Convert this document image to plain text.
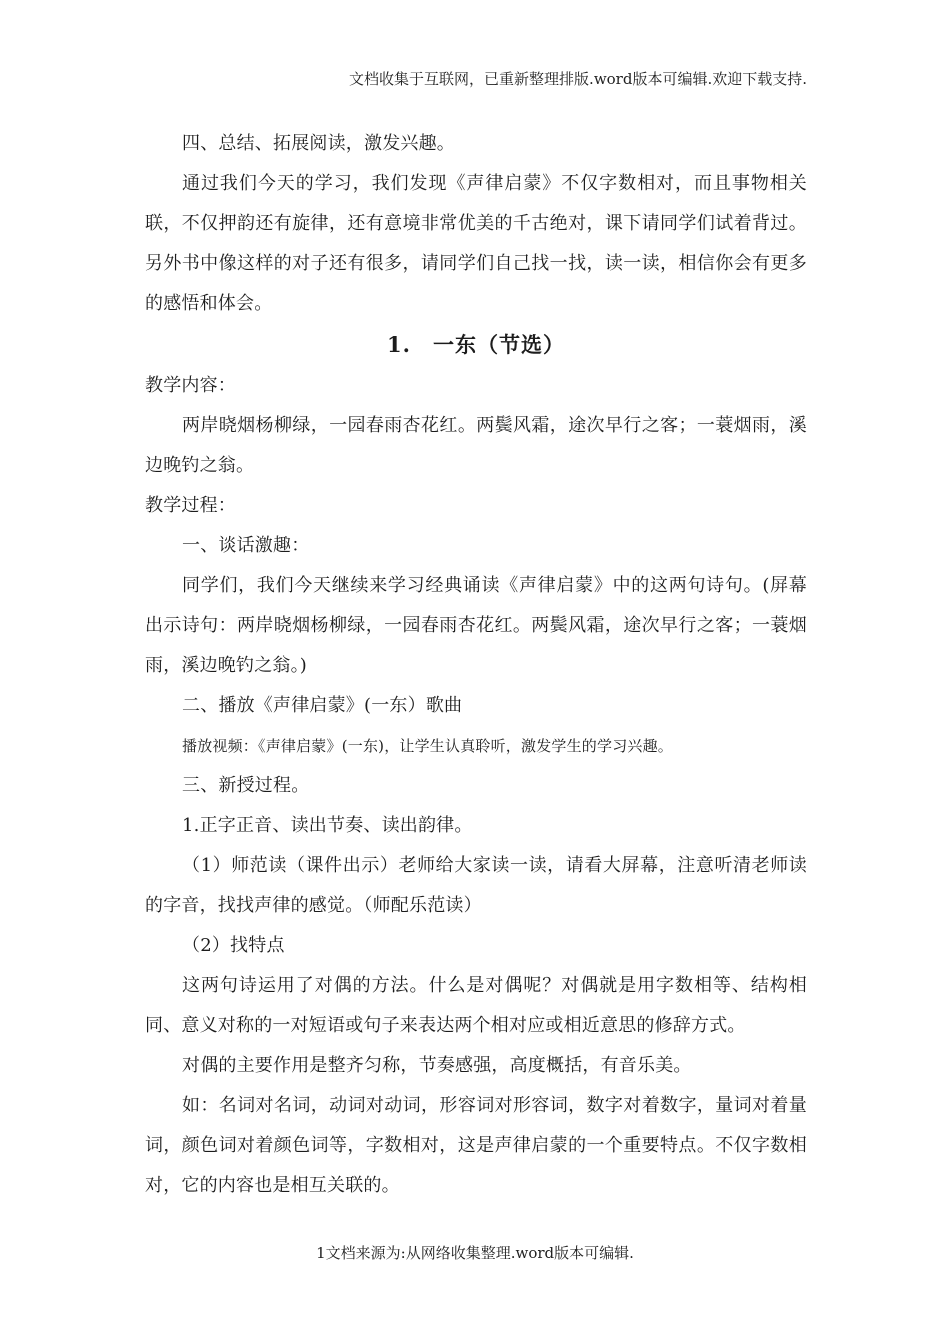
文档收集于互联网，已重新整理排版.word版本可编辑.欢迎下载支持.

四、总结、拓展阅读，激发兴趣。

通过我们今天的学习，我们发现《声律启蒙》不仅字数相对，而且事物相关联，不仅押韵还有旋律，还有意境非常优美的千古绝对，课下请同学们试着背过。另外书中像这样的对子还有很多，请同学们自己找一找，读一读，相信你会有更多的感悟和体会。

1.　一东（节选）

教学内容：

两岸晓烟杨柳绿，一园春雨杏花红。两鬓风霜，途次早行之客；一蓑烟雨，溪边晚钓之翁。

教学过程：

一、谈话激趣：

同学们，我们今天继续来学习经典诵读《声律启蒙》中的这两句诗句。(屏幕出示诗句：两岸晓烟杨柳绿，一园春雨杏花红。两鬓风霜，途次早行之客；一蓑烟雨，溪边晚钓之翁。)

二、播放《声律启蒙》(一东）歌曲

播放视频：《声律启蒙》(一东)，让学生认真聆听，激发学生的学习兴趣。

三、新授过程。

1.正字正音、读出节奏、读出韵律。

（1）师范读（课件出示）老师给大家读一读，请看大屏幕，注意听清老师读的字音，找找声律的感觉。（师配乐范读）

（2）找特点

这两句诗运用了对偶的方法。什么是对偶呢？对偶就是用字数相等、结构相同、意义对称的一对短语或句子来表达两个相对应或相近意思的修辞方式。

对偶的主要作用是整齐匀称，节奏感强，高度概括，有音乐美。

如：名词对名词，动词对动词，形容词对形容词，数字对着数字，量词对着量词，颜色词对着颜色词等，字数相对，这是声律启蒙的一个重要特点。不仅字数相对，它的内容也是相互关联的。

1文档来源为:从网络收集整理.word版本可编辑.
